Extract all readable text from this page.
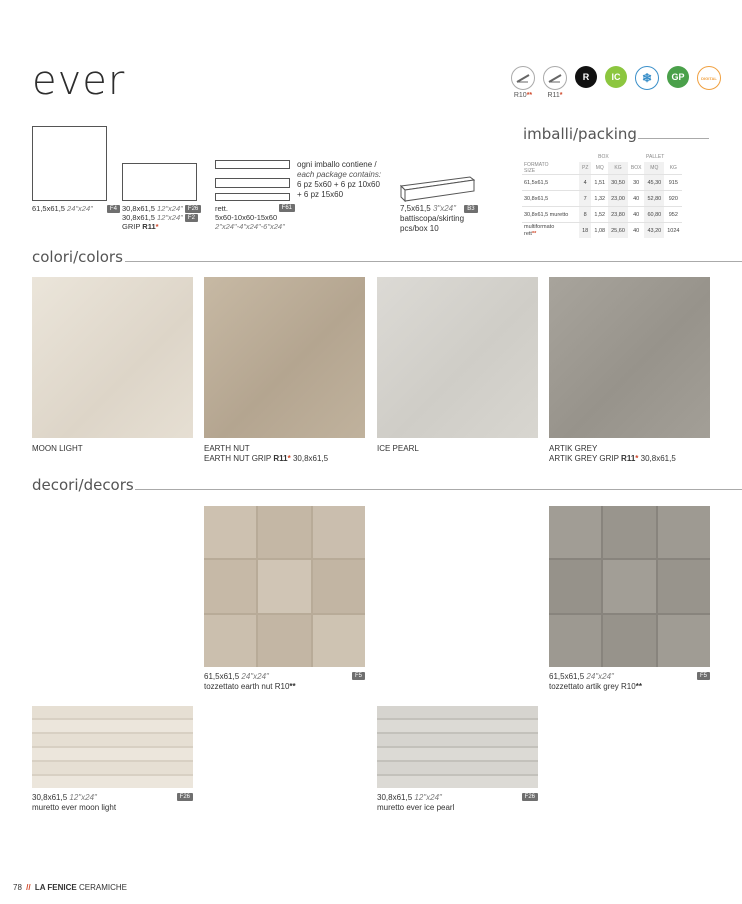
ever	R10**	R11*
R	IC	❄	GP	DIGITAL
61,5x61,5 24"x24"	F4 30,8x61,5 12"x24" F26
30,8x61,5 12"x24" F2
GRIP R11*
rett.	F61
5x60-10x60-15x60
2"x24"-4"x24"-6"x24"
ogni imballo contiene /
each package contains:
6 pz 5x60 + 6 pz 10x60
+ 6 pz 15x60
7,5x61,5 3"x24" B3
battiscopa/skirting
pcs/box 10
imballi/packing
	BOX			PALLET		

FORMATO
SIZE	PZ	MQ	KG	BOX	MQ	KG
61,5x61,5	4	1,51	30,50	30	45,30	915
30,8x61,5	7	1,32	23,00	40	52,80	920
30,8x61,5 muretto	8	1,52	23,80	40	60,80	952

multiformato
rett**	18	1,08	25,60	40	43,20	1024
colori/colors
MOON LIGHT	EARTH NUT
EARTH NUT GRIP R11* 30,8x61,5
ICE PEARL	ARTIK GREY
ARTIK GREY GRIP R11* 30,8x61,5
decori/decors
61,5x61,5 24"x24"	F5
tozzettato earth nut R10**
61,5x61,5 24"x24"	F5
tozzettato artik grey R10**
30,8x61,5 12"x24"	F26
muretto ever moon light
30,8x61,5 12"x24"	F26
muretto ever ice pearl
78 // LA FENICE CERAMICHE
